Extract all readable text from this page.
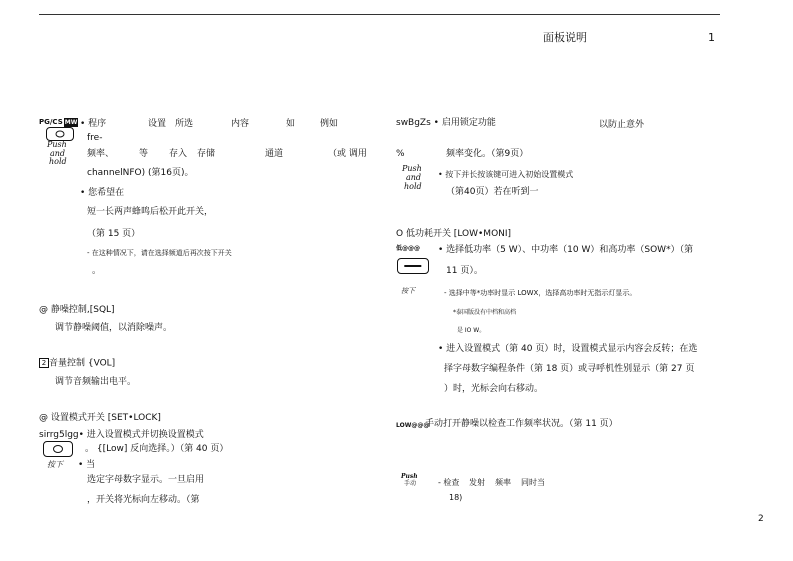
面板说明	1
PG/CS MW
Push
and
hold
• 程序	设置 所选	内容	如	例如
fre-
频率、	等 存入 存储	通道	（或 调用
channelNFO) (第16页)。
• 您希望在
短一长两声蜂鸣后松开此开关，
（第 15 页）
- 在这种情况下，请在选择频道后再次按下开关
。
@ 静噪控制,[SQL]
调节静噪阈值，以消除噪声。
2 音量控制 {VOL]
调节音频输出电平。
@ 设置模式开关 [SET•LOCK]
sirrg5lgg• 进入设置模式并切换设置模式
。 {[Low] 反向选择。）（第 40 页）
按下 • 当
选定字母数字显示。一旦启用
，开关将光标向左移动。（第
swBgZs • 启用锁定功能	以防止意外
%	频率变化。（第9页）
Push
and
hold
• 按下并长按该键可进入初始设置模式
（第40页）若在听到一
O 低功耗开关 [LOW•MONI]
低@@@ • 选择低功率（5 W）、中功率（10 W）和高功率（SOW*）（第
11 页）。
按下	- 选择中等*功率时显示 LOWX，选择高功率时无指示灯显示。
*泰国版没有中档和高档
是 IO W。
• 进入设置模式（第 40 页）时，设置模式显示内容会反转；在选
择字母数字编程条件（第 18 页）或寻呼机性别显示（第 27 页
）时，光标会向右移动。
LOW@@@
手动打开静噪以检查工作频率状况。（第 11 页）
Push
手动	- 检查 发射 频率 同时当
18)
2
